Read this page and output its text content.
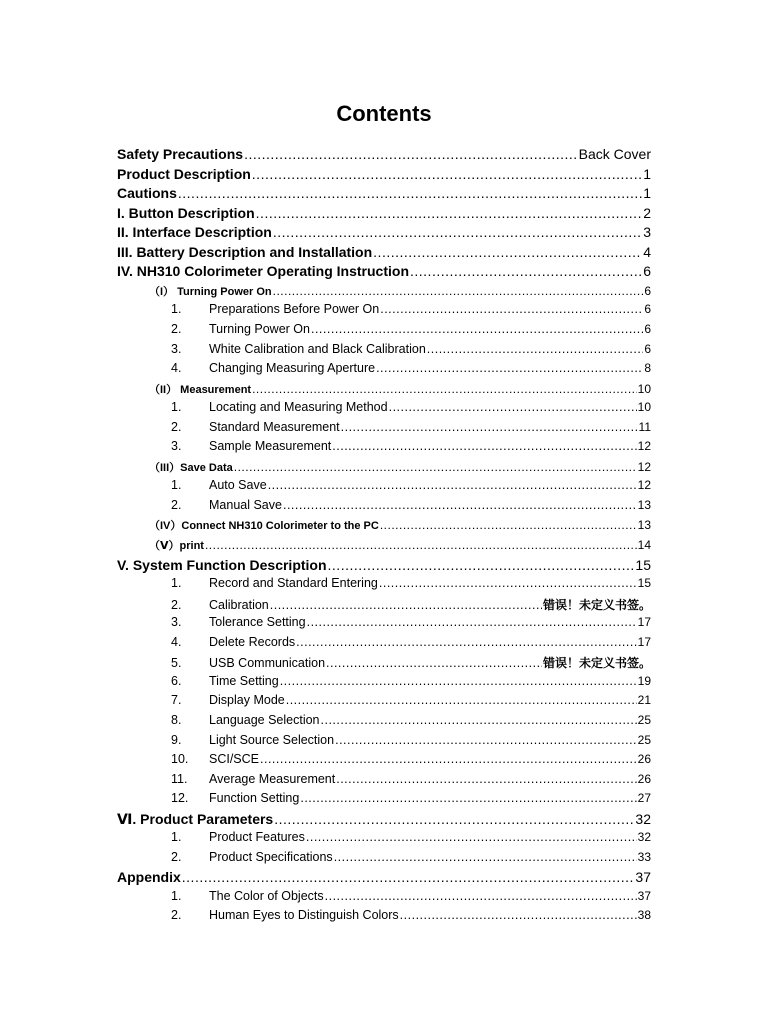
Contents
Safety Precautions .....	Back Cover
Product Description .....	1
Cautions .....	1
I. Button Description .....	2
II. Interface Description .....	3
III. Battery Description and Installation .....	4
IV. NH310 Colorimeter Operating Instruction .....	6
（I） Turning Power On .....	6
1.	Preparations Before Power On .....	6
2.	Turning Power On .....	6
3.	White Calibration and Black Calibration .....	6
4.	Changing Measuring Aperture .....	8
（II） Measurement .....	10
1.	Locating and Measuring Method .....	10
2.	Standard Measurement .....	11
3.	Sample Measurement .....	12
（III）Save Data .....	12
1.	Auto Save .....	12
2.	Manual Save .....	13
（IV）Connect NH310 Colorimeter to the PC .....	13
（Ⅴ）print .....	14
V. System Function Description .....	15
1.	Record and Standard Entering .....	15
2.	Calibration .....	错误！未定义书签。
3.	Tolerance Setting .....	17
4.	Delete Records .....	17
5.	USB Communication .....	错误！未定义书签。
6.	Time Setting .....	19
7.	Display Mode .....	21
8.	Language Selection .....	25
9.	Light Source Selection .....	25
10.	SCI/SCE .....	26
11.	Average Measurement .....	26
12.	Function Setting .....	27
Ⅵ. Product Parameters .....	32
1.	Product Features .....	32
2.	Product Specifications .....	33
Appendix .....	37
1.	The Color of Objects .....	37
2.	Human Eyes to Distinguish Colors .....	38
